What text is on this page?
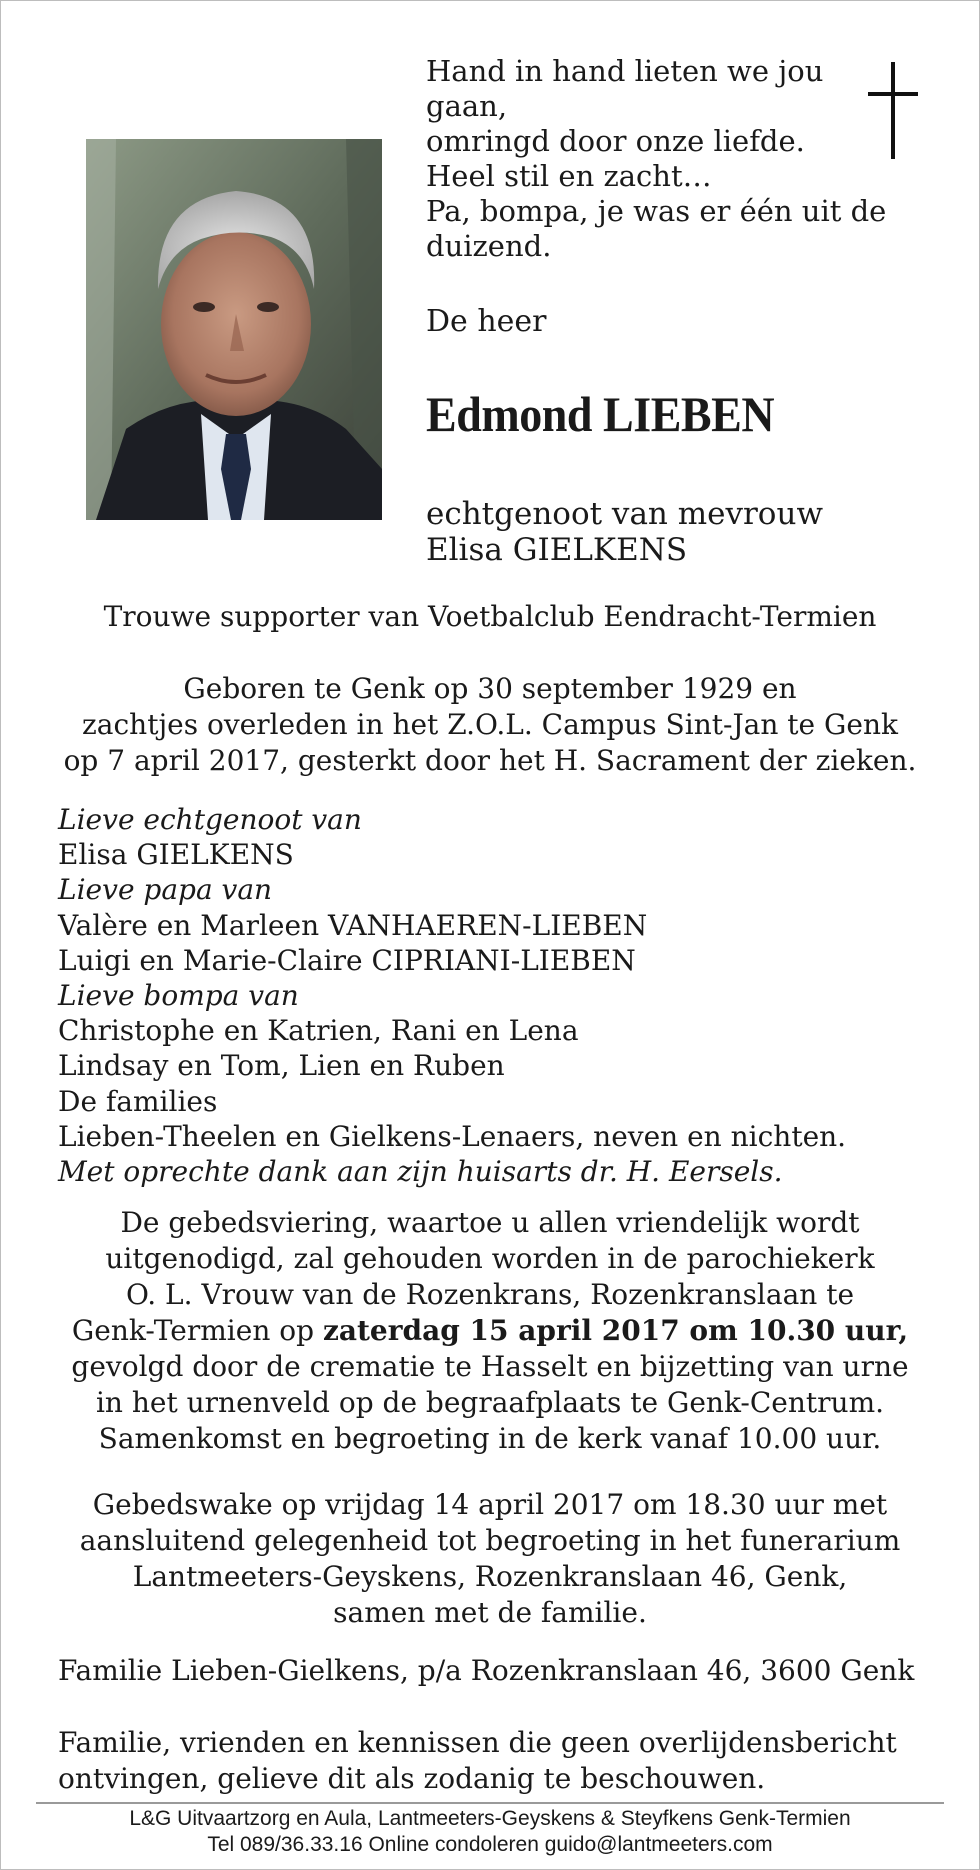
Hand in hand lieten we jou
gaan,
omringd door onze liefde.
Heel stil en zacht…
Pa, bompa, je was er één uit de
duizend.
De heer
Edmond LIEBEN
echtgenoot van mevrouw
Elisa GIELKENS
Trouwe supporter van Voetbalclub Eendracht-Termien
Geboren te Genk op 30 september 1929 en
zachtjes overleden in het Z.O.L. Campus Sint-Jan te Genk
op 7 april 2017, gesterkt door het H. Sacrament der zieken.
Lieve echtgenoot van
Elisa GIELKENS
Lieve papa van
Valère en Marleen VANHAEREN-LIEBEN
Luigi en Marie-Claire CIPRIANI-LIEBEN
Lieve bompa van
Christophe en Katrien, Rani en Lena
Lindsay en Tom, Lien en Ruben
De families
Lieben-Theelen en Gielkens-Lenaers, neven en nichten.
Met oprechte dank aan zijn huisarts dr. H. Eersels.
De gebedsviering, waartoe u allen vriendelijk wordt
uitgenodigd, zal gehouden worden in de parochiekerk
O. L. Vrouw van de Rozenkrans, Rozenkranslaan te
Genk-Termien op zaterdag 15 april 2017 om 10.30 uur,
gevolgd door de crematie te Hasselt en bijzetting van urne
in het urnenveld op de begraafplaats te Genk-Centrum.
Samenkomst en begroeting in de kerk vanaf 10.00 uur.
Gebedswake op vrijdag 14 april 2017 om 18.30 uur met
aansluitend gelegenheid tot begroeting in het funerarium
Lantmeeters-Geyskens, Rozenkranslaan 46, Genk,
samen met de familie.
Familie Lieben-Gielkens, p/a Rozenkranslaan 46, 3600 Genk
Familie, vrienden en kennissen die geen overlijdensbericht
ontvingen, gelieve dit als zodanig te beschouwen.
L&G Uitvaartzorg en Aula, Lantmeeters-Geyskens & Steyfkens Genk-Termien
Tel 089/36.33.16 Online condoleren guido@lantmeeters.com
